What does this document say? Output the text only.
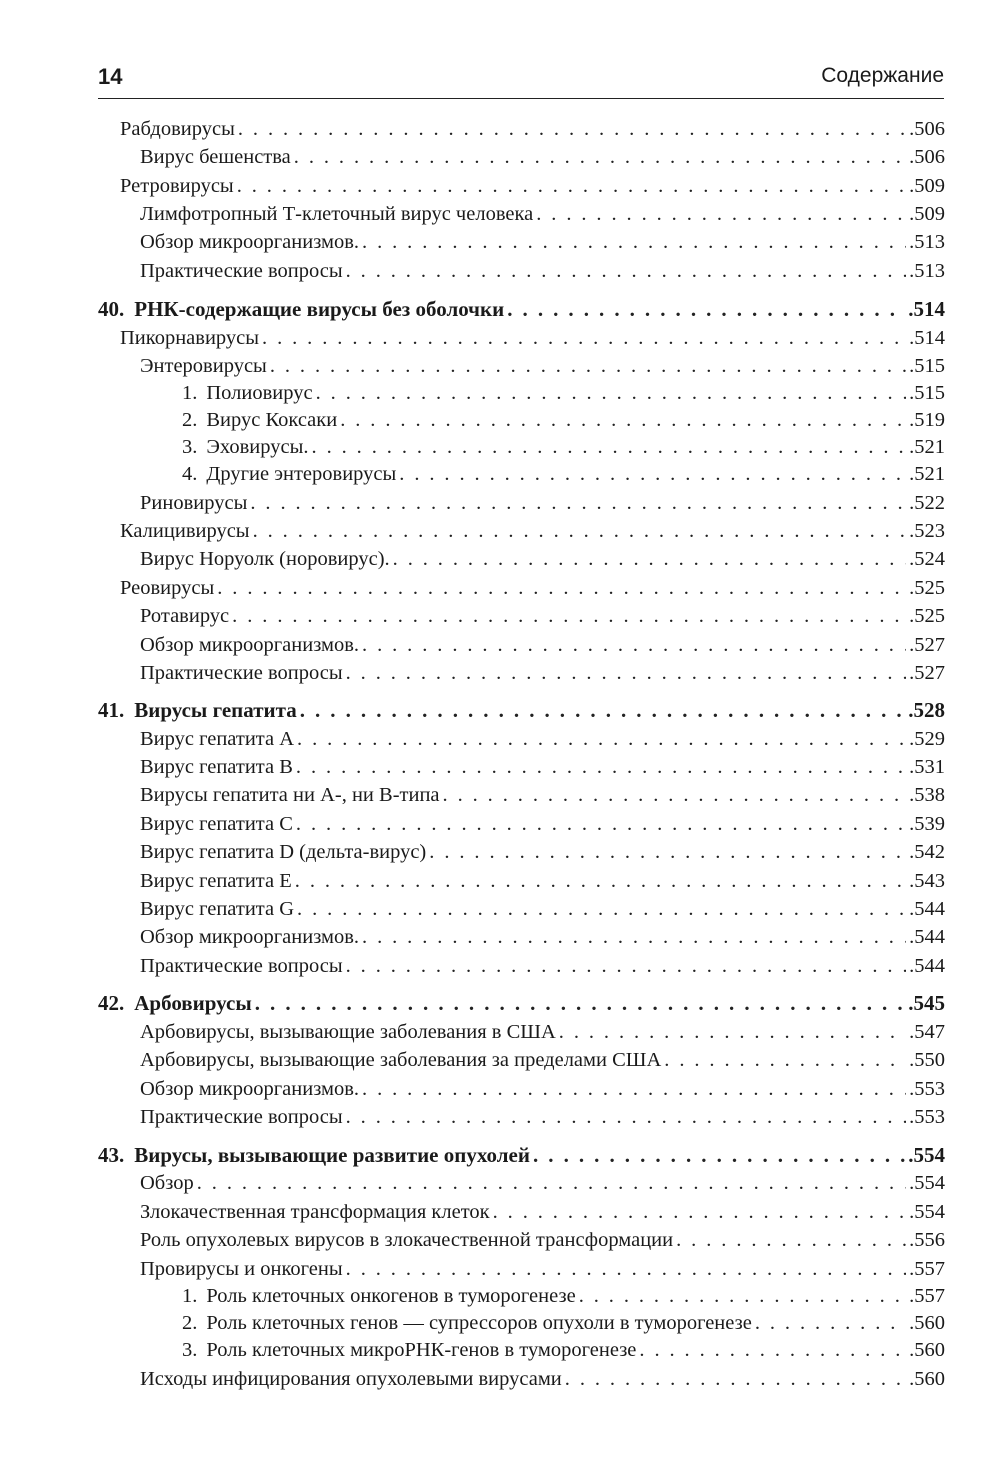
14	Содержание
Рабдовирусы . . .	.506
Вирус бешенства . . .	.506
Ретровирусы . . .	.509
Лимфотропный Т-клеточный вирус человека . . .	.509
Обзор микроорганизмов. . . .	.513
Практические вопросы . . .	.513
40. РНК-содержащие вирусы без оболочки . . .	.514
Пикорнавирусы . . .	.514
Энтеровирусы . . .	.515
1. Полиовирус . . .	.515
2. Вирус Коксаки . . .	.519
3. Эховирусы. . . .	.521
4. Другие энтеровирусы . . .	.521
Риновирусы . . .	.522
Калицивирусы . . .	.523
Вирус Норуолк (норовирус). . . .	.524
Реовирусы . . .	.525
Ротавирус . . .	.525
Обзор микроорганизмов. . . .	.527
Практические вопросы . . .	.527
41. Вирусы гепатита . . .	.528
Вирус гепатита А . . .	.529
Вирус гепатита В . . .	.531
Вирусы гепатита ни А-, ни В-типа . . .	.538
Вирус гепатита С . . .	.539
Вирус гепатита D (дельта-вирус) . . .	.542
Вирус гепатита Е . . .	.543
Вирус гепатита G . . .	.544
Обзор микроорганизмов. . . .	.544
Практические вопросы . . .	.544
42. Арбовирусы . . .	.545
Арбовирусы, вызывающие заболевания в США . . .	.547
Арбовирусы, вызывающие заболевания за пределами США . . .	.550
Обзор микроорганизмов. . . .	.553
Практические вопросы . . .	.553
43. Вирусы, вызывающие развитие опухолей . . .	.554
Обзор . . .	.554
Злокачественная трансформация клеток . . .	.554
Роль опухолевых вирусов в злокачественной трансформации . . .	.556
Провирусы и онкогены . . .	.557
1. Роль клеточных онкогенов в туморогенезе . . .	.557
2. Роль клеточных генов — супрессоров опухоли в туморогенезе . . .	.560
3. Роль клеточных микроРНК-генов в туморогенезе . . .	.560
Исходы инфицирования опухолевыми вирусами . . .	.560
